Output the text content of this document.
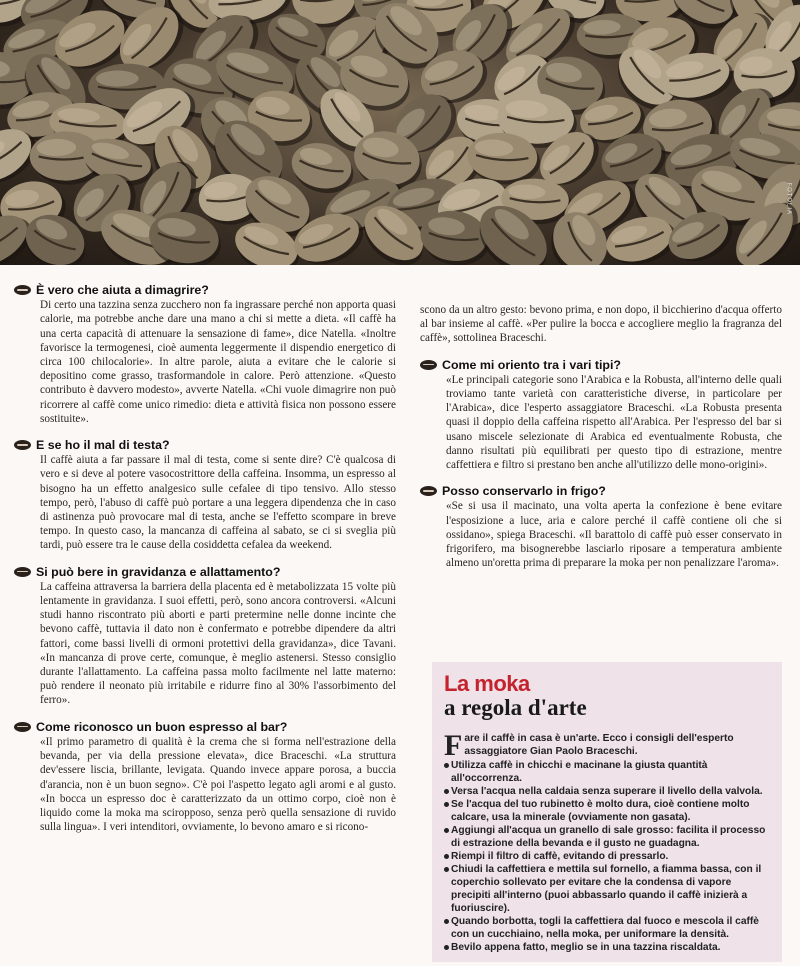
FOTOLIA
È vero che aiuta a dimagrire?

Di certo una tazzina senza zucchero non fa ingrassare perché non apporta quasi calorie, ma potrebbe anche dare una mano a chi si mette a dieta. «Il caffè ha una certa capacità di attenuare la sensazione di fame», dice Natella. «Inoltre favorisce la termogenesi, cioè aumenta leggermente il dispendio energetico di circa 100 chilocalorie». In altre parole, aiuta a evitare che le calorie si depositino come grasso, trasformandole in calore. Però attenzione. «Questo contributo è davvero modesto», avverte Natella. «Chi vuole dimagrire non può ricorrere al caffè come unico rimedio: dieta e attività fisica non possono essere sostituite».

E se ho il mal di testa?

Il caffè aiuta a far passare il mal di testa, come si sente dire? C'è qualcosa di vero e si deve al potere vasocostrittore della caffeina. Insomma, un espresso al bisogno ha un effetto analgesico sulle cefalee di tipo tensivo. Allo stesso tempo, però, l'abuso di caffè può portare a una leggera dipendenza che in caso di astinenza può provocare mal di testa, anche se l'effetto scompare in breve tempo. In questo caso, la mancanza di caffeina al sabato, se ci si sveglia più tardi, può essere tra le cause della cosiddetta cefalea da weekend.

Si può bere in gravidanza e allattamento?

La caffeina attraversa la barriera della placenta ed è metabolizzata 15 volte più lentamente in gravidanza. I suoi effetti, però, sono ancora controversi. «Alcuni studi hanno riscontrato più aborti e parti pretermine nelle donne incinte che bevono caffè, tuttavia il dato non è confermato e potrebbe dipendere da altri fattori, come bassi livelli di ormoni protettivi della gravidanza», dice Tavani. «In mancanza di prove certe, comunque, è meglio astenersi. Stesso consiglio durante l'allattamento. La caffeina passa molto facilmente nel latte materno: può rendere il neonato più irritabile e ridurre fino al 30% l'assorbimento del ferro».

Come riconosco un buon espresso al bar?

«Il primo parametro di qualità è la crema che si forma nell'estrazione della bevanda, per via della pressione elevata», dice Braceschi. «La struttura dev'essere liscia, brillante, levigata. Quando invece appare porosa, a buccia d'arancia, non è un buon segno». C'è poi l'aspetto legato agli aromi e al gusto. «In bocca un espresso doc è caratterizzato da un ottimo corpo, cioè non è liquido come la moka ma sciropposo, senza però quella sensazione di ruvido sulla lingua». I veri intenditori, ovviamente, lo bevono amaro e si ricono-

scono da un altro gesto: bevono prima, e non dopo, il bicchierino d'acqua offerto al bar insieme al caffè. «Per pulire la bocca e accogliere meglio la fragranza del caffè», sottolinea Braceschi.

Come mi oriento tra i vari tipi?

«Le principali categorie sono l'Arabica e la Robusta, all'interno delle quali troviamo tante varietà con caratteristiche diverse, in particolare per l'Arabica», dice l'esperto assaggiatore Braceschi. «La Robusta presenta quasi il doppio della caffeina rispetto all'Arabica. Per l'espresso del bar si usano miscele selezionate di Arabica ed eventualmente Robusta, che danno risultati più equilibrati per questo tipo di estrazione, mentre caffettiera e filtro si prestano ben anche all'utilizzo delle mono-origini».

Posso conservarlo in frigo?

«Se si usa il macinato, una volta aperta la confezione è bene evitare l'esposizione a luce, aria e calore perché il caffè contiene oli che si ossidano», spiega Braceschi. «Il barattolo di caffè può esser conservato in frigorifero, ma bisognerebbe lasciarlo riposare a temperatura ambiente almeno un'oretta prima di preparare la moka per non penalizzare l'aroma».

La moka
a regola d'arte

Fare il caffè in casa è un'arte. Ecco i consigli dell'esperto assaggiatore Gian Paolo Braceschi.

Utilizza caffè in chicchi e macinane la giusta quantità all'occorrenza.
Versa l'acqua nella caldaia senza superare il livello della valvola.
Se l'acqua del tuo rubinetto è molto dura, cioè contiene molto calcare, usa la minerale (ovviamente non gasata).
Aggiungi all'acqua un granello di sale grosso: facilita il processo di estrazione della bevanda e il gusto ne guadagna.
Riempi il filtro di caffè, evitando di pressarlo.
Chiudi la caffettiera e mettila sul fornello, a fiamma bassa, con il coperchio sollevato per evitare che la condensa di vapore precipiti all'interno (puoi abbassarlo quando il caffè inizierà a fuoriuscire).
Quando borbotta, togli la caffettiera dal fuoco e mescola il caffè con un cucchiaino, nella moka, per uniformare la densità.
Bevilo appena fatto, meglio se in una tazzina riscaldata.
